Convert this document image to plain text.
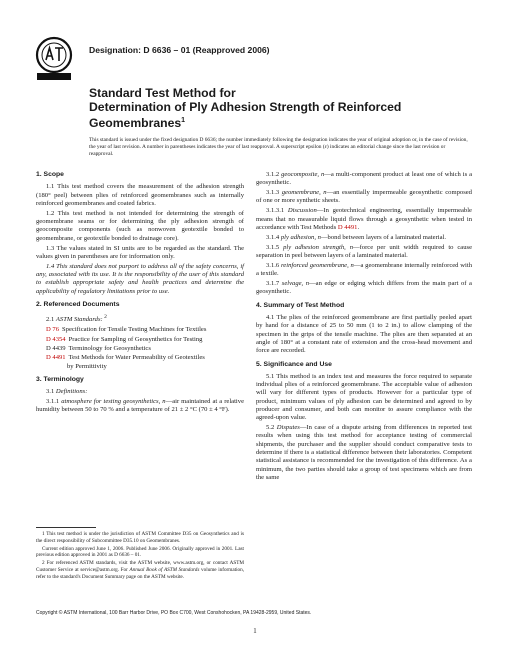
Designation: D 6636 – 01 (Reapproved 2006)
Standard Test Method for
Determination of Ply Adhesion Strength of Reinforced
Geomembranes$^1$

This standard is issued under the fixed designation D 6636; the number immediately following the designation indicates the year of original adoption or, in the case of revision, the year of last revision. A number in parentheses indicates the year of last reapproval. A superscript epsilon (ε) indicates an editorial change since the last revision or reapproval.

1. Scope

1.1 This test method covers the measurement of the adhesion strength (180° peel) between plies of reinforced geomembranes such as internally reinforced geomembranes and coated fabrics.

1.2 This test method is not intended for determining the strength of geomembrane seams or for determining the ply adhesion strength of geocomposite components (such as nonwoven geotextile bonded to geomembrane, or geotextile bonded to drainage core).

1.3 The values stated in SI units are to be regarded as the standard. The values given in parentheses are for information only.

1.4 This standard does not purport to address all of the safety concerns, if any, associated with its use. It is the responsibility of the user of this standard to establish appropriate safety and health practices and determine the applicability of regulatory limitations prior to use.

2. Referenced Documents

2.1 ASTM Standards: $^2$

D 76 Specification for Tensile Testing Machines for Textiles
D 4354 Practice for Sampling of Geosynthetics for Testing
D 4439 Terminology for Geosynthetics
D 4491 Test Methods for Water Permeability of Geotextiles
by Permittivity
3. Terminology

3.1 Definitions:

3.1.1 atmosphere for testing geosynthetics, n—air maintained at a relative humidity between 50 to 70 % and a temperature of 21 ± 2 °C (70 ± 4 °F).

1 This test method is under the jurisdiction of ASTM Committee D35 on Geosynthetics and is the direct responsibility of Subcommittee D35.10 on Geomembranes.

Current edition approved June 1, 2006. Published June 2006. Originally approved in 2001. Last previous edition approved in 2001 as D 6636 – 01.

2 For referenced ASTM standards, visit the ASTM website, www.astm.org, or contact ASTM Customer Service at service@astm.org. For Annual Book of ASTM Standards volume information, refer to the standard's Document Summary page on the ASTM website.

3.1.2 geocomposite, n—a multi-component product at least one of which is a geosynthetic.

3.1.3 geomembrane, n—an essentially impermeable geosynthetic composed of one or more synthetic sheets.

3.1.3.1 Discussion—In geotechnical engineering, essentially impermeable means that no measurable liquid flows through a geosynthetic when tested in accordance with Test Methods D 4491.

3.1.4 ply adhesion, n—bond between layers of a laminated material.

3.1.5 ply adhesion strength, n—force per unit width required to cause separation in peel between layers of a laminated material.

3.1.6 reinforced geomembrane, n—a geomembrane internally reinforced with a textile.

3.1.7 selvage, n—an edge or edging which differs from the main part of a geosynthetic.

4. Summary of Test Method

4.1 The plies of the reinforced geomembrane are first partially peeled apart by hand for a distance of 25 to 50 mm (1 to 2 in.) to allow clamping of the specimen in the grips of the tensile machine. The plies are then separated at an angle of 180° at a constant rate of extension and the cross-head movement and force are recorded.

5. Significance and Use

5.1 This method is an index test and measures the force required to separate individual plies of a reinforced geomembrane. The acceptable value of adhesion will vary for different types of products. However for a particular type of product, minimum values of ply adhesion can be determined and agreed to by producer and consumer, and both can monitor to assure compliance with the agreed-upon value.

5.2 Disputes—In case of a dispute arising from differences in reported test results when using this test method for acceptance testing of commercial shipments, the purchaser and the supplier should conduct comparative tests to determine if there is a statistical difference between their laboratories. Competent statistical assistance is recommended for the investigation of this difference. As a minimum, the two parties should take a group of test specimens which are from the same

Copyright © ASTM International, 100 Barr Harbor Drive, PO Box C700, West Conshohocken, PA 19428-2959, United States.
1
